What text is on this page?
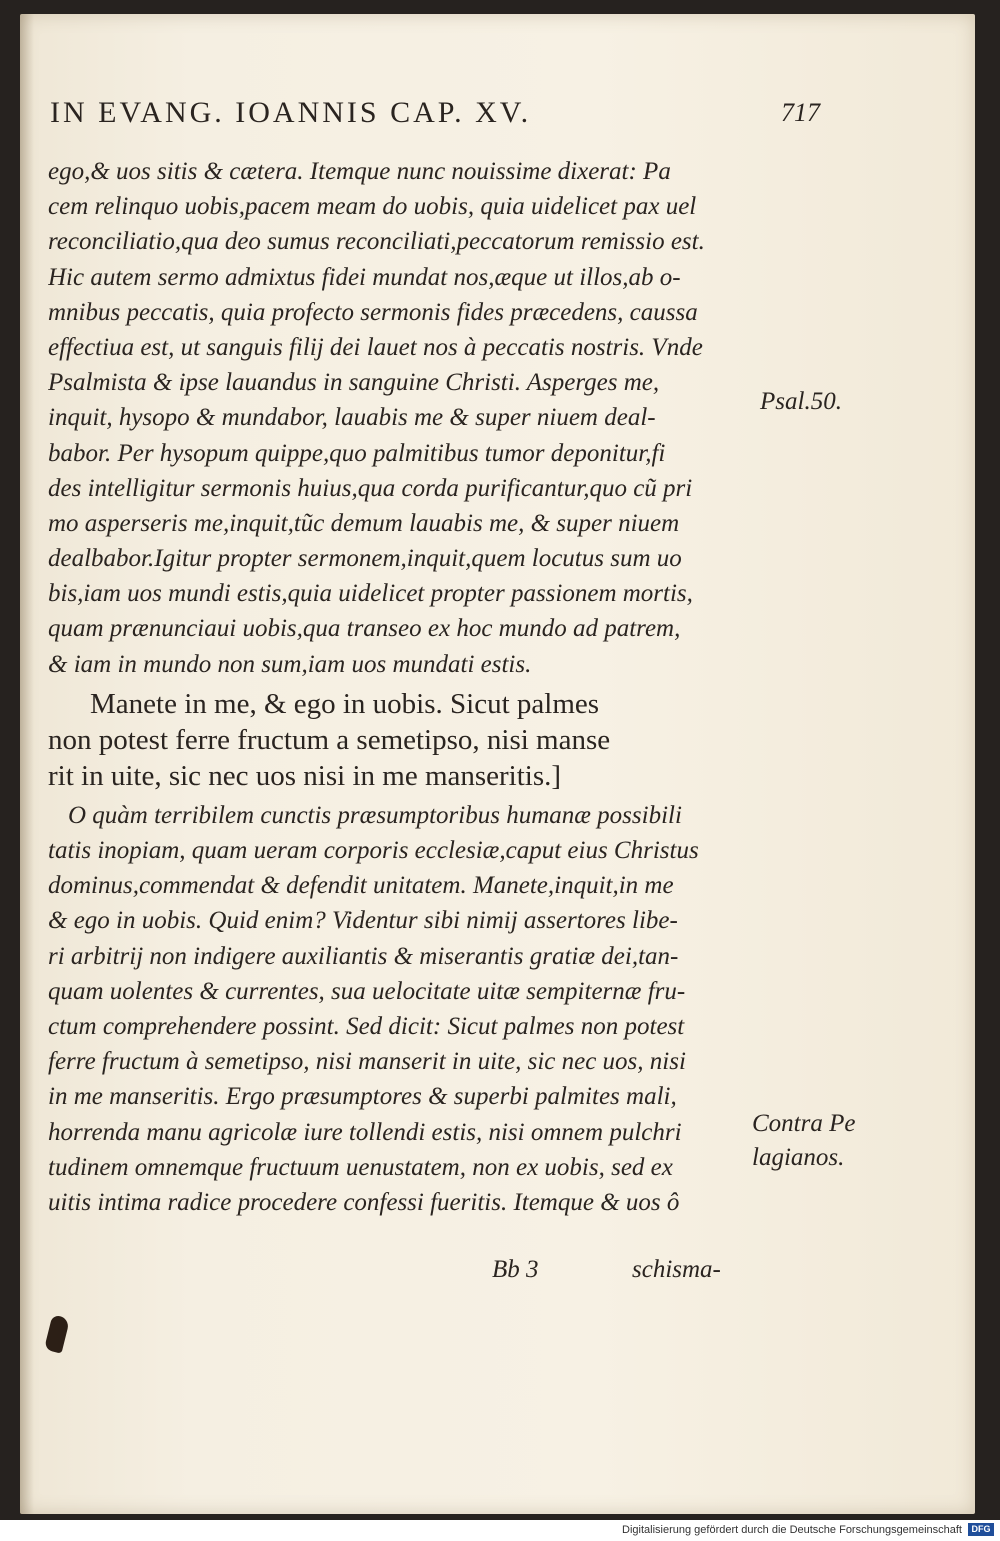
IN EVANG. IOANNIS CAP. XV.	717
ego,& uos sitis & cætera. Itemque nunc nouissime dixerat: Pa
cem relinquo uobis,pacem meam do uobis, quia uidelicet pax uel
reconciliatio,qua deo sumus reconciliati,peccatorum remissio est.
Hic autem sermo admixtus fidei mundat nos,æque ut illos,ab o-
mnibus peccatis, quia profecto sermonis fides præcedens, caussa
effectiua est, ut sanguis filij dei lauet nos à peccatis nostris. Vnde
Psalmista & ipse lauandus in sanguine Christi. Asperges me,
inquit, hysopo & mundabor, lauabis me & super niuem deal-
babor. Per hysopum quippe,quo palmitibus tumor deponitur,fi
des intelligitur sermonis huius,qua corda purificantur,quo cũ pri
mo asperseris me,inquit,tũc demum lauabis me, & super niuem
dealbabor.Igitur propter sermonem,inquit,quem locutus sum uo
bis,iam uos mundi estis,quia uidelicet propter passionem mortis,
quam prænunciaui uobis,qua transeo ex hoc mundo ad patrem,
& iam in mundo non sum,iam uos mundati estis.
Manete in me, & ego in uobis. Sicut palmes
non potest ferre fructum a semetipso, nisi manse
rit in uite, sic nec uos nisi in me manseritis.]
O quàm terribilem cunctis præsumptoribus humanæ possibili
tatis inopiam, quam ueram corporis ecclesiæ,caput eius Christus
dominus,commendat & defendit unitatem. Manete,inquit,in me
& ego in uobis. Quid enim? Videntur sibi nimij assertores libe-
ri arbitrij non indigere auxiliantis & miserantis gratiæ dei,tan-
quam uolentes & currentes, sua uelocitate uitæ sempiternæ fru-
ctum comprehendere possint. Sed dicit: Sicut palmes non potest
ferre fructum à semetipso, nisi manserit in uite, sic nec uos, nisi
in me manseritis. Ergo præsumptores & superbi palmites mali,
horrenda manu agricolæ iure tollendi estis, nisi omnem pulchri
tudinem omnemque fructuum uenustatem, non ex uobis, sed ex
uitis intima radice procedere confessi fueritis. Itemque & uos ô
Psal.50.
Contra Pe
lagianos.
Bb 3	schisma-
Digitalisierung gefördert durch die Deutsche Forschungsgemeinschaft	DFG
